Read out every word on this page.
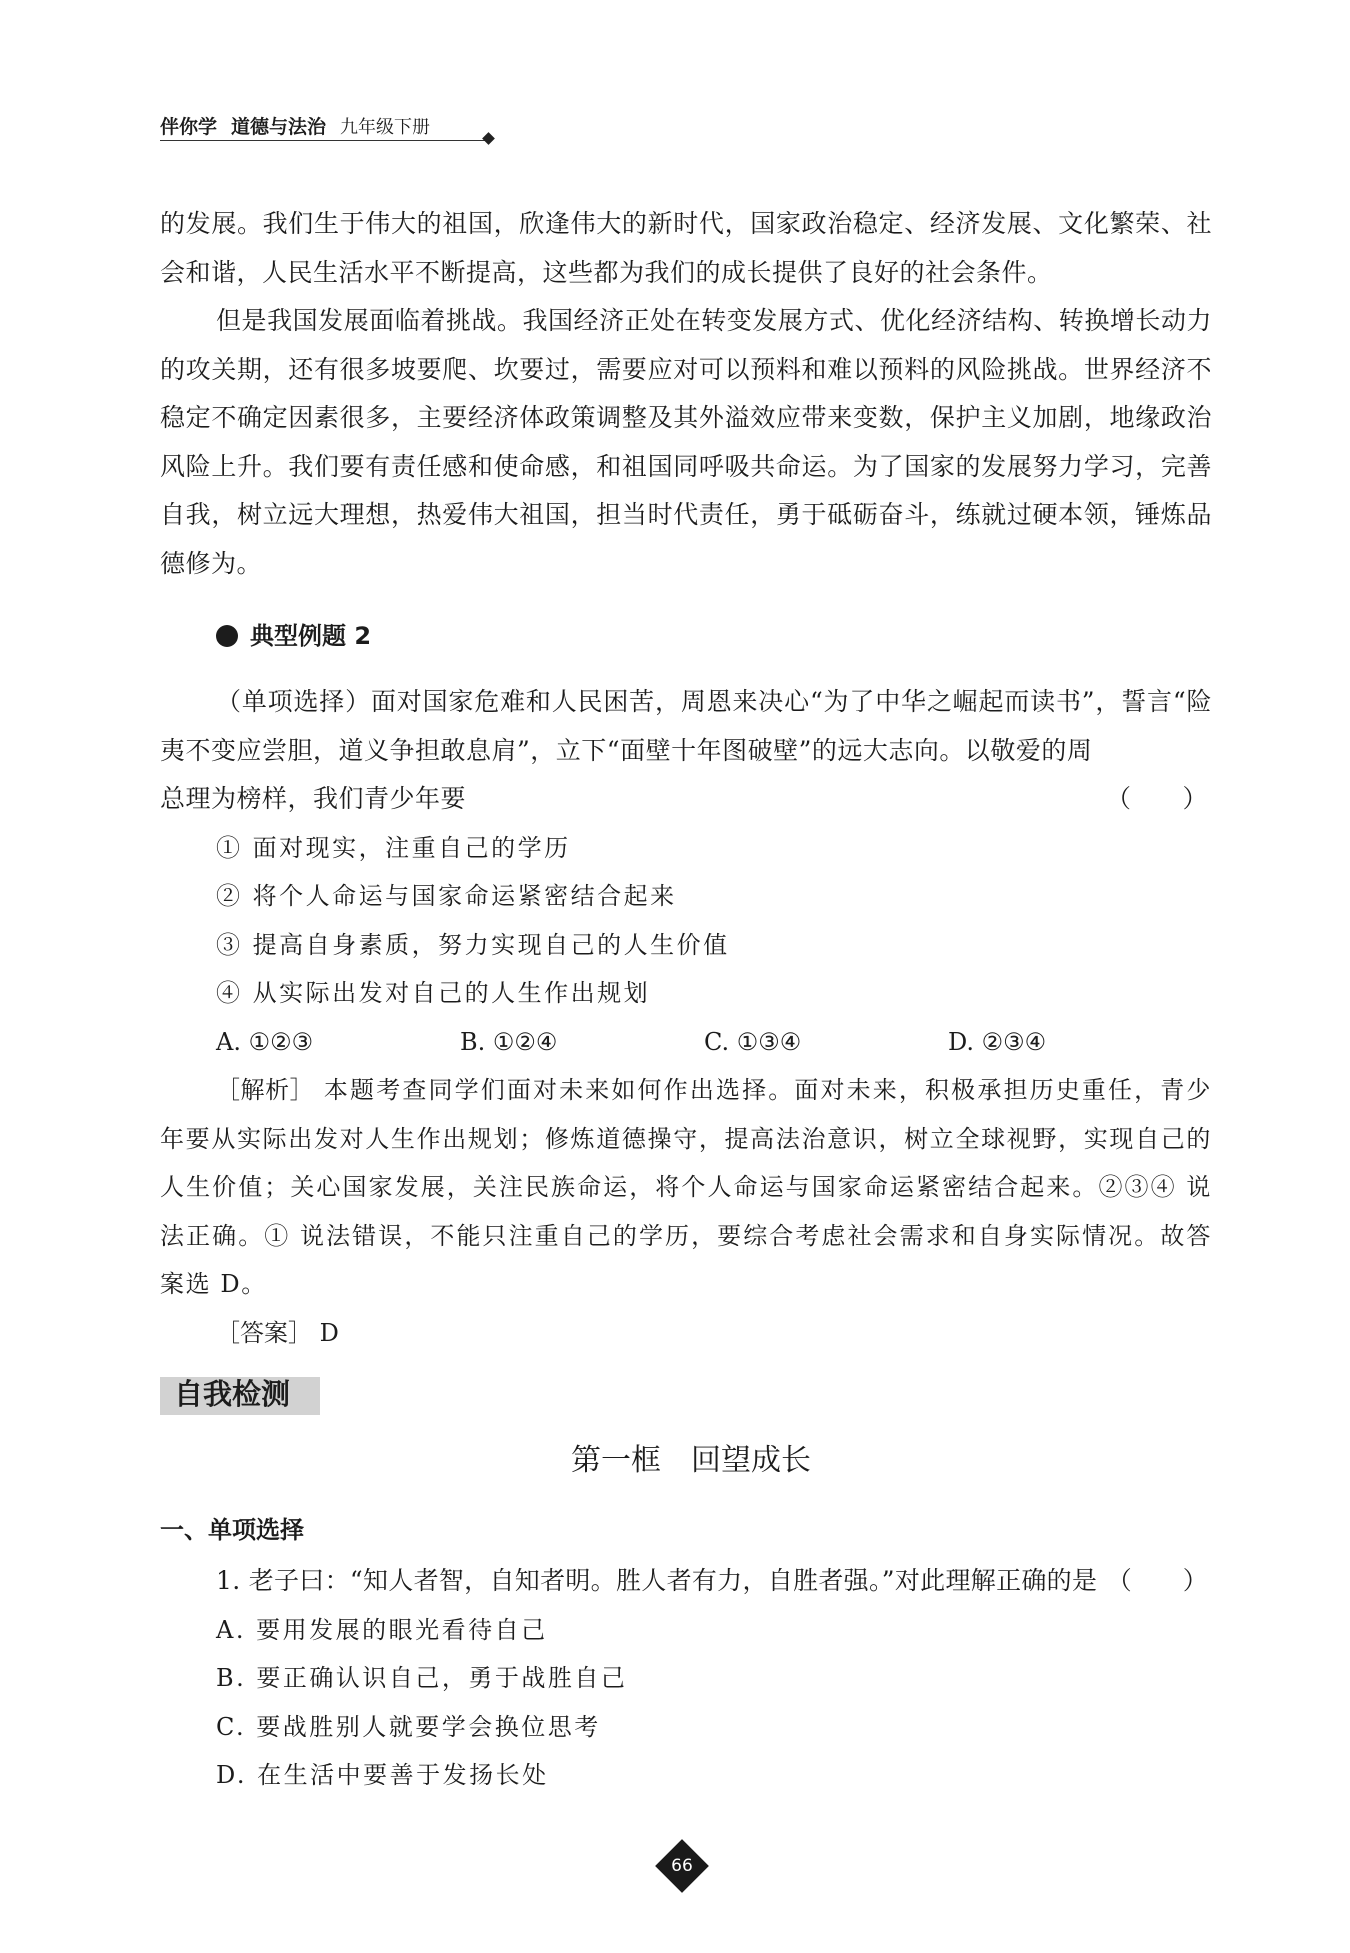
伴你学 道德与法治 九年级下册

的发展。我们生于伟大的祖国，欣逢伟大的新时代，国家政治稳定、经济发展、文化繁荣、社会和谐，人民生活水平不断提高，这些都为我们的成长提供了良好的社会条件。

但是我国发展面临着挑战。我国经济正处在转变发展方式、优化经济结构、转换增长动力的攻关期，还有很多坡要爬、坎要过，需要应对可以预料和难以预料的风险挑战。世界经济不稳定不确定因素很多，主要经济体政策调整及其外溢效应带来变数，保护主义加剧，地缘政治风险上升。我们要有责任感和使命感，和祖国同呼吸共命运。为了国家的发展努力学习，完善自我，树立远大理想，热爱伟大祖国，担当时代责任，勇于砥砺奋斗，练就过硬本领，锤炼品德修为。

典型例题 2

（单项选择）面对国家危难和人民困苦，周恩来决心“为了中华之崛起而读书”，誓言“险夷不变应尝胆，道义争担敢息肩”，立下“面壁十年图破壁”的远大志向。以敬爱的周

总理为榜样，我们青少年要	（　　）

① 面对现实，注重自己的学历

② 将个人命运与国家命运紧密结合起来

③ 提高自身素质，努力实现自己的人生价值

④ 从实际出发对自己的人生作出规划

A. ①②③	B. ①②④	C. ①③④	D. ②③④

［解析］ 本题考查同学们面对未来如何作出选择。面对未来，积极承担历史重任，青少年要从实际出发对人生作出规划；修炼道德操守，提高法治意识，树立全球视野，实现自己的人生价值；关心国家发展，关注民族命运，将个人命运与国家命运紧密结合起来。②③④ 说法正确。① 说法错误，不能只注重自己的学历，要综合考虑社会需求和自身实际情况。故答案选 D。

［答案］ D

自我检测
第一框 回望成长
一、单项选择
1. 老子曰：“知人者智，自知者明。胜人者有力，自胜者强。”对此理解正确的是 （　　）

A. 要用发展的眼光看待自己

B. 要正确认识自己，勇于战胜自己

C. 要战胜别人就要学会换位思考

D. 在生活中要善于发扬长处

66
